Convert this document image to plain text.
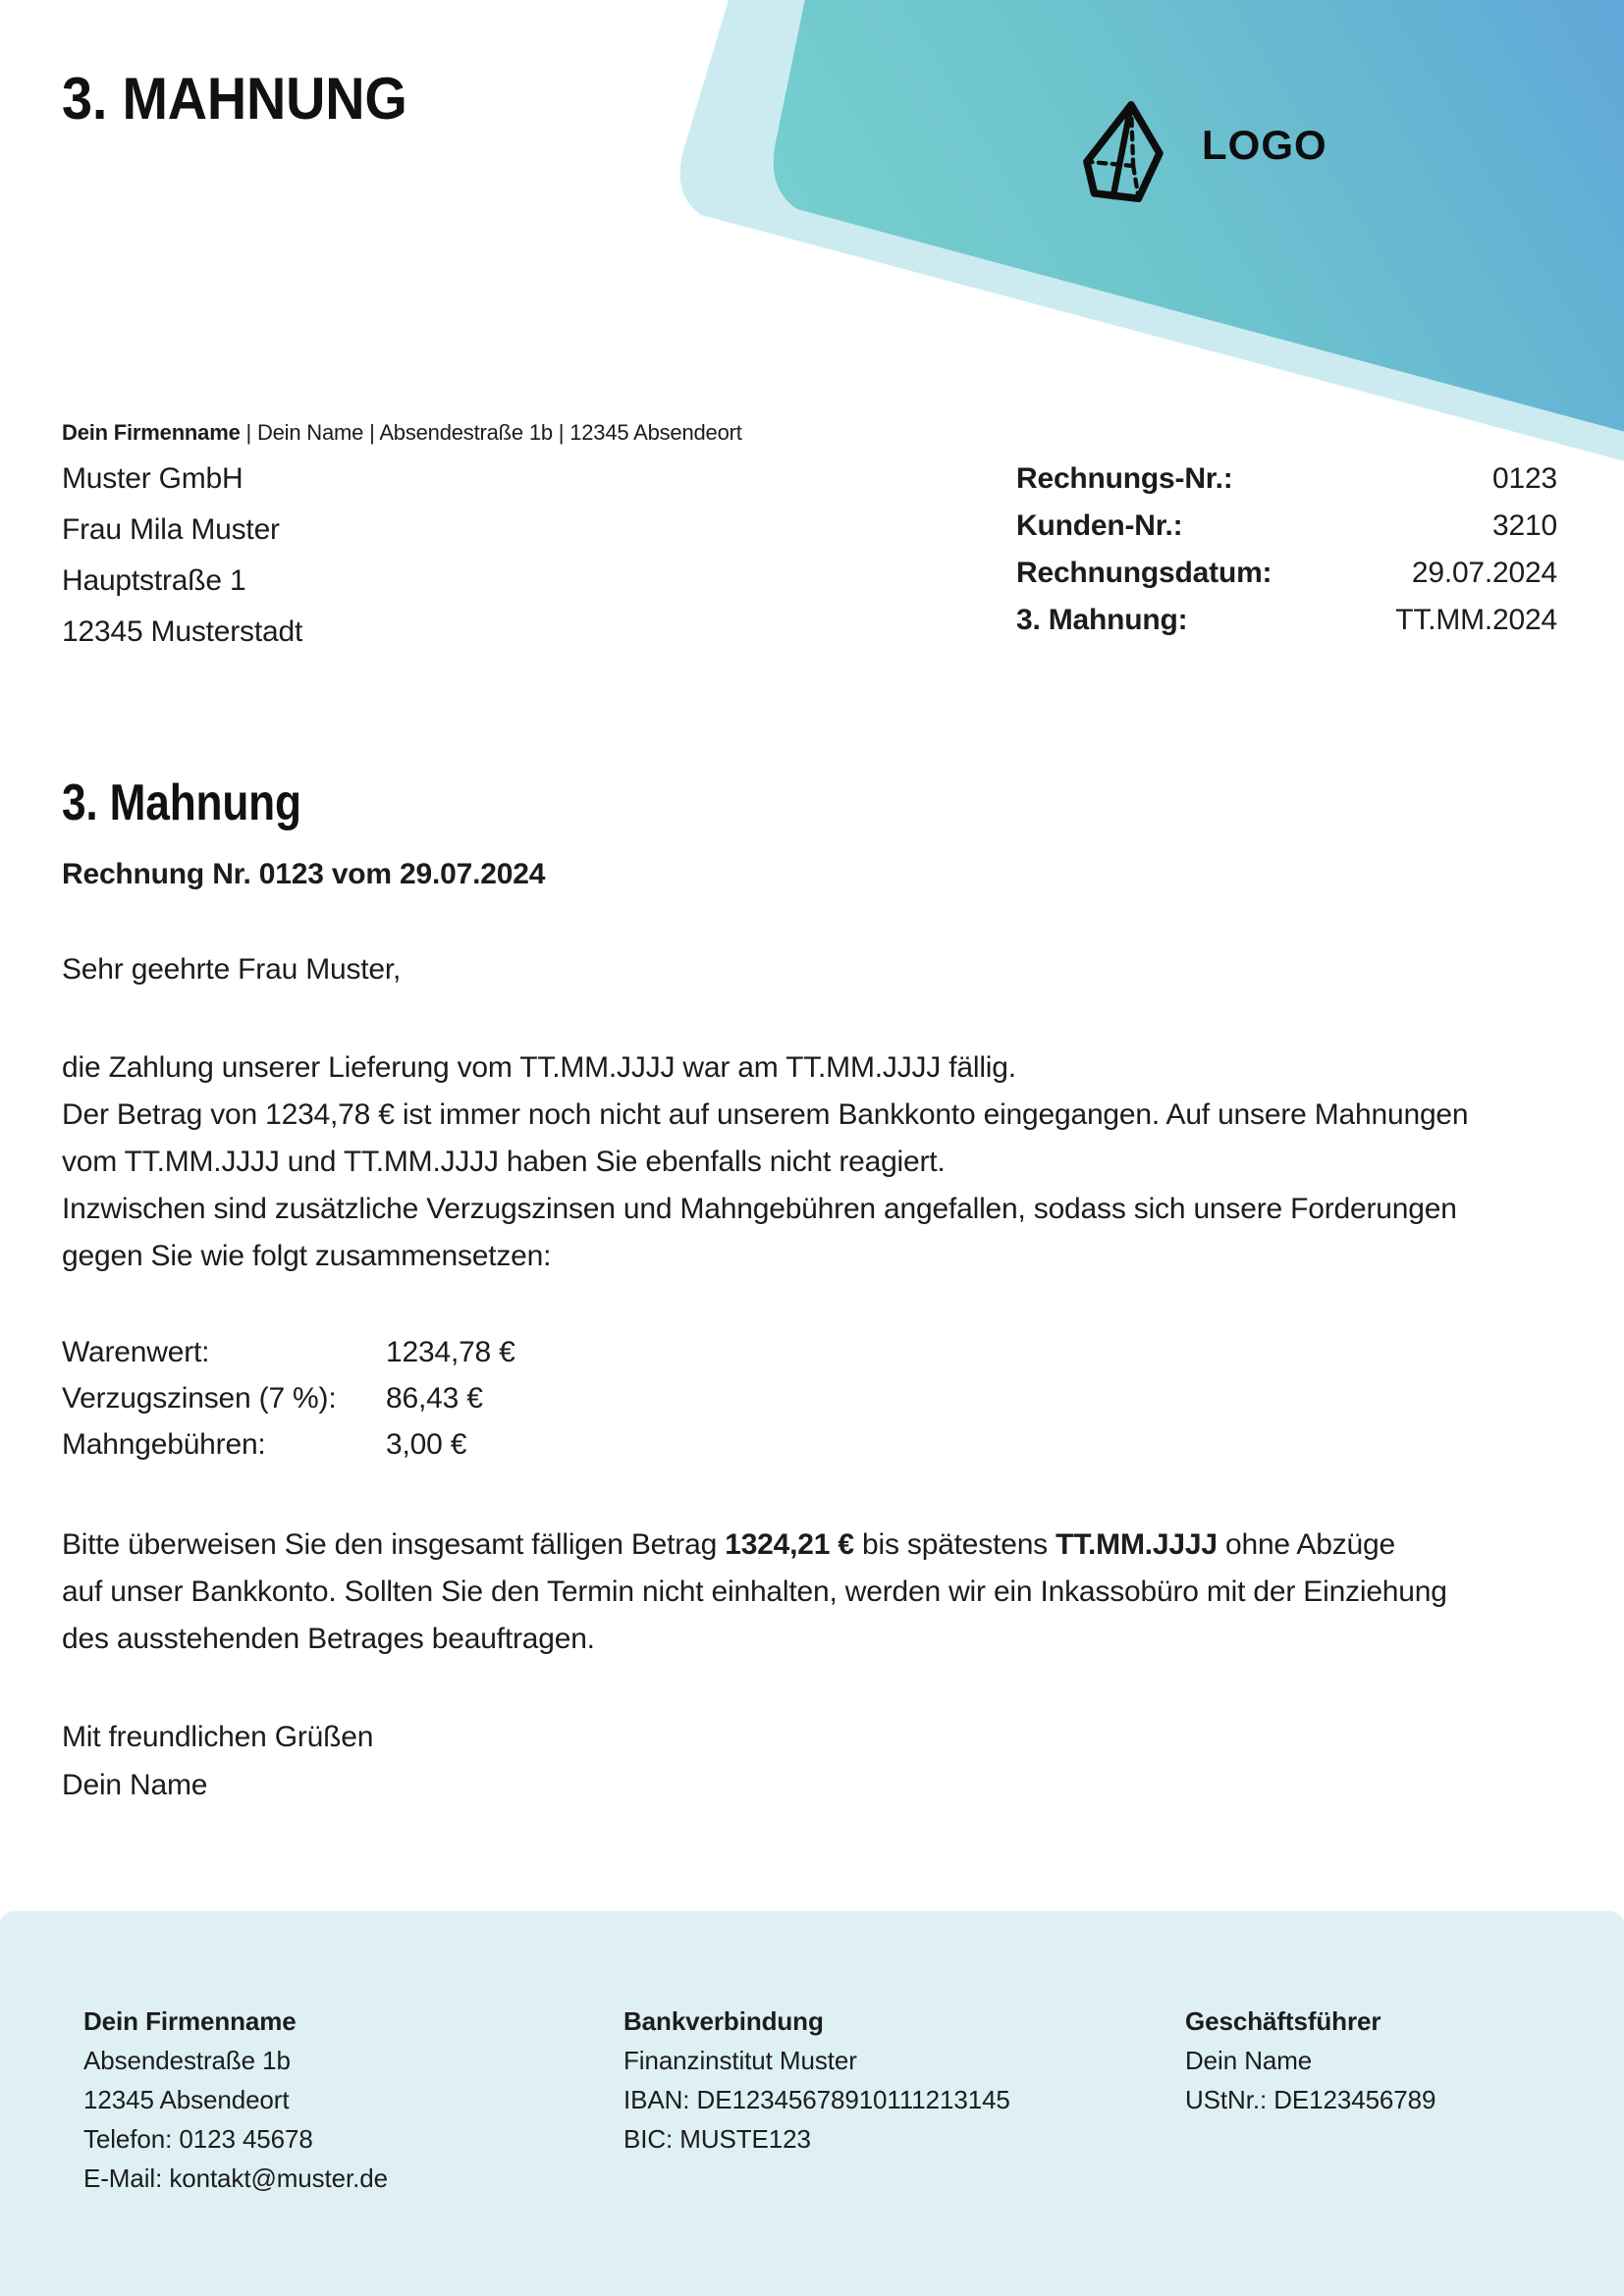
LOGO
3. MAHNUNG
Dein Firmenname | Dein Name | Absendestraße 1b | 12345 Absendeort
Muster GmbH
Frau Mila Muster
Hauptstraße 1
12345 Musterstadt
Rechnungs-Nr.:	0123
Kunden-Nr.:	3210
Rechnungsdatum:	29.07.2024
3. Mahnung:	TT.MM.2024
3. Mahnung
Rechnung Nr. 0123 vom 29.07.2024
Sehr geehrte Frau Muster,
die Zahlung unserer Lieferung vom TT.MM.JJJJ war am TT.MM.JJJJ fällig.
Der Betrag von 1234,78 € ist immer noch nicht auf unserem Bankkonto eingegangen. Auf unsere Mahnungen
vom TT.MM.JJJJ und TT.MM.JJJJ haben Sie ebenfalls nicht reagiert.
Inzwischen sind zusätzliche Verzugszinsen und Mahngebühren angefallen, sodass sich unsere Forderungen
gegen Sie wie folgt zusammensetzen:
Warenwert:	1234,78 €
Verzugszinsen (7 %): 86,43 €
Mahngebühren:	3,00 €
Bitte überweisen Sie den insgesamt fälligen Betrag 1324,21 € bis spätestens TT.MM.JJJJ ohne Abzüge
auf unser Bankkonto. Sollten Sie den Termin nicht einhalten, werden wir ein Inkassobüro mit der Einziehung
des ausstehenden Betrages beauftragen.
Mit freundlichen Grüßen
Dein Name
Dein Firmenname
Absendestraße 1b
12345 Absendeort
Telefon: 0123 45678
E-Mail: kontakt@muster.de
Bankverbindung
Finanzinstitut Muster
IBAN: DE12345678910111213145
BIC: MUSTE123
Geschäftsführer
Dein Name
UStNr.: DE123456789
